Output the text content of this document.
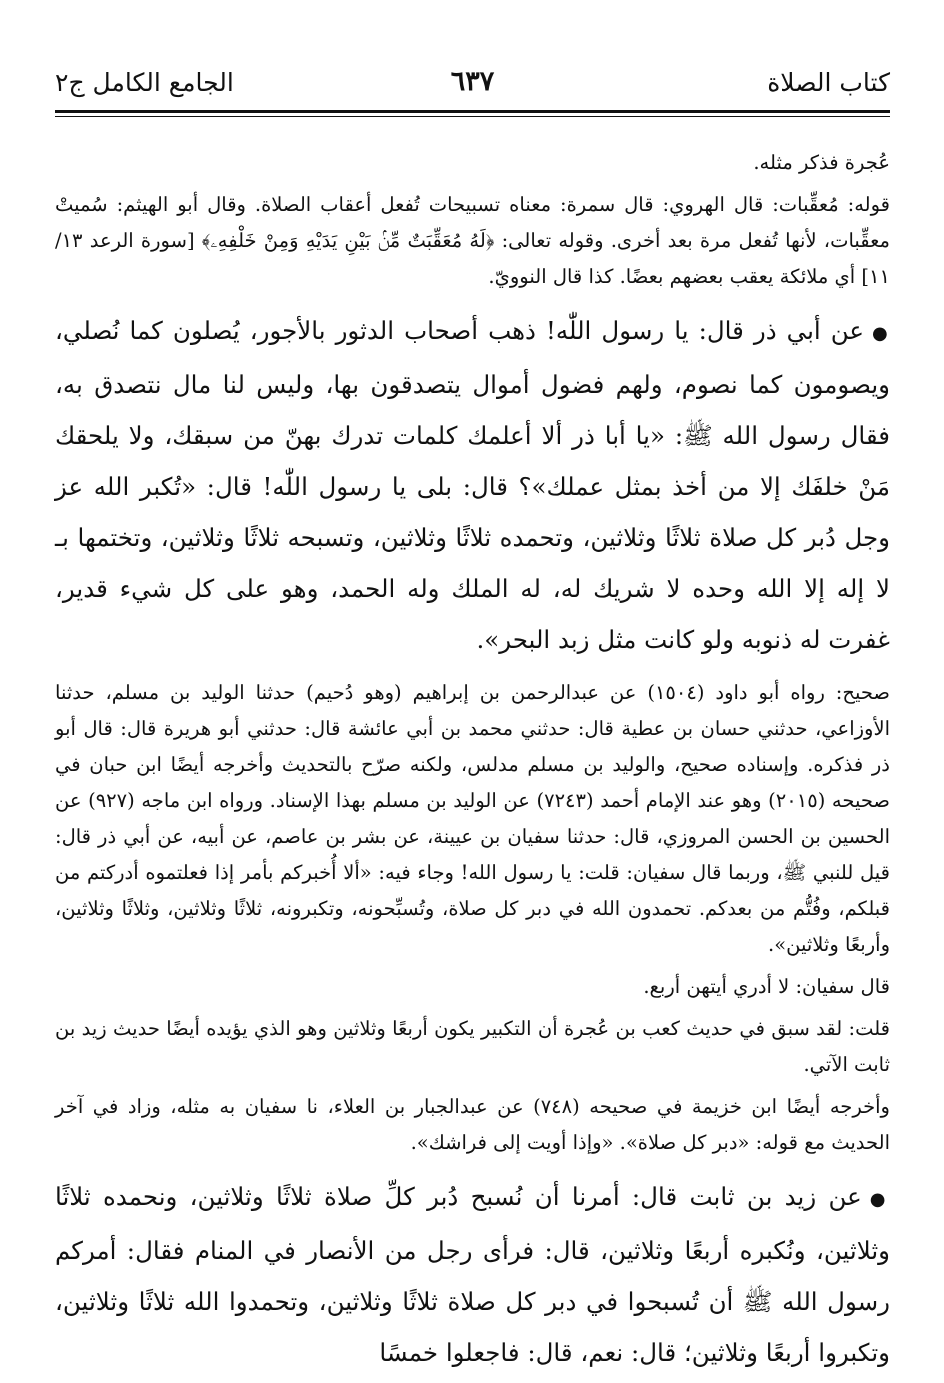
كتاب الصلاة
٦٣٧
الجامع الكامل ج٢

عُجرة فذكر مثله.

قوله: مُعقِّبات: قال الهروي: قال سمرة: معناه تسبيحات تُفعل أعقاب الصلاة. وقال أبو الهيثم: سُميتْ معقِّبات، لأنها تُفعل مرة بعد أخرى. وقوله تعالى: ﴿لَهُ مُعَقِّبَتٌ مِّنۢ بَيْنِ يَدَيْهِ وَمِنْ خَلْفِهِۦ﴾ [سورة الرعد ١٣/ ١١] أي ملائكة يعقب بعضهم بعضًا. كذا قال النوويّ.

●عن أبي ذر قال: يا رسول اللّٰه! ذهب أصحاب الدثور بالأجور، يُصلون كما نُصلي، ويصومون كما نصوم، ولهم فضول أموال يتصدقون بها، وليس لنا مال نتصدق به، فقال رسول الله ﷺ: «يا أبا ذر ألا أعلمك كلمات تدرك بهنّ من سبقك، ولا يلحقك مَنْ خلفَك إلا من أخذ بمثل عملك»؟ قال: بلى يا رسول اللّٰه! قال: «تُكبر الله عز وجل دُبر كل صلاة ثلاثًا وثلاثين، وتحمده ثلاثًا وثلاثين، وتسبحه ثلاثًا وثلاثين، وتختمها بـ لا إله إلا الله وحده لا شريك له، له الملك وله الحمد، وهو على كل شيء قدير، غفرت له ذنوبه ولو كانت مثل زبد البحر».

صحيح: رواه أبو داود (١٥٠٤) عن عبدالرحمن بن إبراهيم (وهو دُحيم) حدثنا الوليد بن مسلم، حدثنا الأوزاعي، حدثني حسان بن عطية قال: حدثني محمد بن أبي عائشة قال: حدثني أبو هريرة قال: قال أبو ذر فذكره. وإسناده صحيح، والوليد بن مسلم مدلس، ولكنه صرّح بالتحديث وأخرجه أيضًا ابن حبان في صحيحه (٢٠١٥) وهو عند الإمام أحمد (٧٢٤٣) عن الوليد بن مسلم بهذا الإسناد. ورواه ابن ماجه (٩٢٧) عن الحسين بن الحسن المروزي، قال: حدثنا سفيان بن عيينة، عن بشر بن عاصم، عن أبيه، عن أبي ذر قال: قيل للنبي ﷺ، وربما قال سفيان: قلت: يا رسول الله! وجاء فيه: «ألا أُخبركم بأمر إذا فعلتموه أدركتم من قبلكم، وفُتُّم من بعدكم. تحمدون الله في دبر كل صلاة، وتُسبِّحونه، وتكبرونه، ثلاثًا وثلاثين، وثلاثًا وثلاثين، وأربعًا وثلاثين».

قال سفيان: لا أدري أيتهن أربع.

قلت: لقد سبق في حديث كعب بن عُجرة أن التكبير يكون أربعًا وثلاثين وهو الذي يؤيده أيضًا حديث زيد بن ثابت الآتي.

وأخرجه أيضًا ابن خزيمة في صحيحه (٧٤٨) عن عبدالجبار بن العلاء، نا سفيان به مثله، وزاد في آخر الحديث مع قوله: «دبر كل صلاة». «وإذا أويت إلى فراشك».

●عن زيد بن ثابت قال: أمرنا أن نُسبح دُبر كلِّ صلاة ثلاثًا وثلاثين، ونحمده ثلاثًا وثلاثين، ونُكبره أربعًا وثلاثين، قال: فرأى رجل من الأنصار في المنام فقال: أمركم رسول الله ﷺ أن تُسبحوا في دبر كل صلاة ثلاثًا وثلاثين، وتحمدوا الله ثلاثًا وثلاثين، وتكبروا أربعًا وثلاثين؛ قال: نعم، قال: فاجعلوا خمسًا
